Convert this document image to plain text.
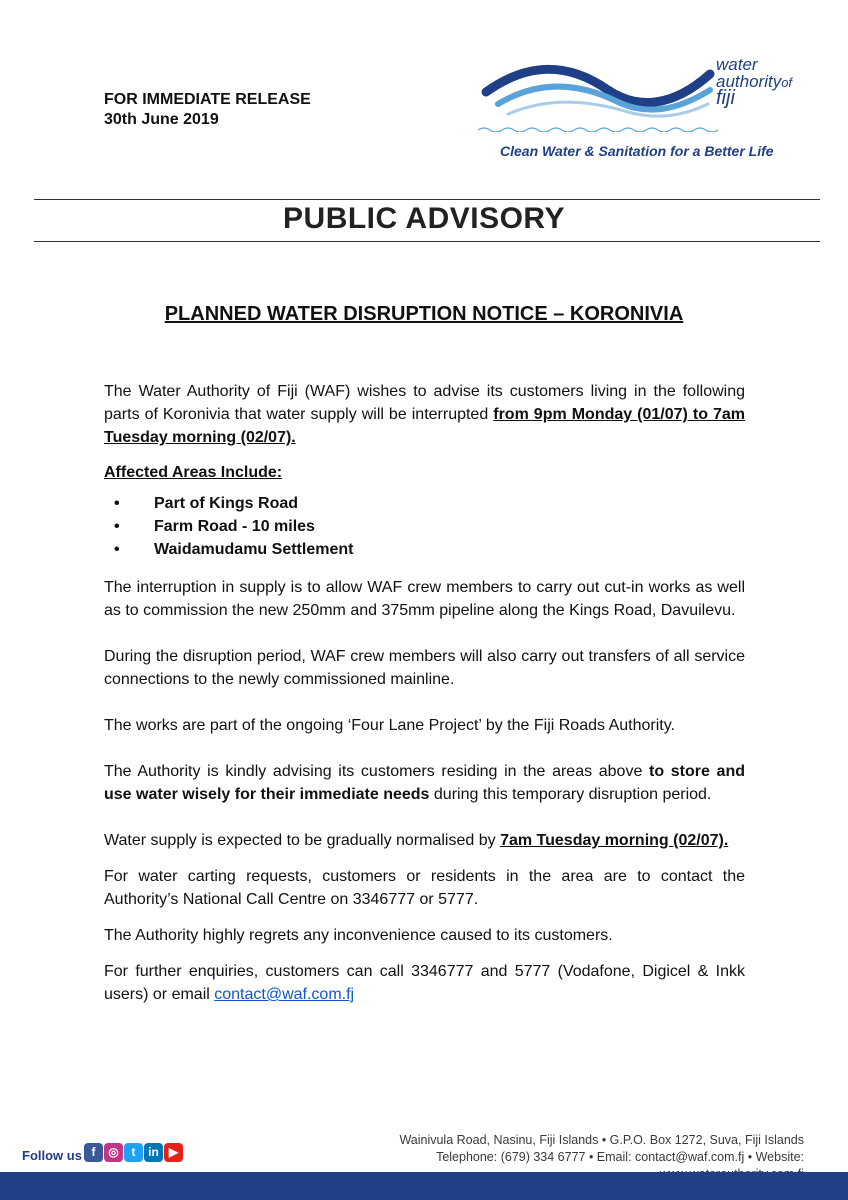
FOR IMMEDIATE RELEASE
30th June 2019
water
authorityof
fiji
Clean Water & Sanitation for a Better Life
PUBLIC ADVISORY
PLANNED WATER DISRUPTION NOTICE – KORONIVIA

The Water Authority of Fiji (WAF) wishes to advise its customers living in the following parts of Koronivia that water supply will be interrupted from 9pm Monday (01/07) to 7am Tuesday morning (02/07).

Affected Areas Include:
• Part of Kings Road
• Farm Road - 10 miles
• Waidamudamu Settlement

The interruption in supply is to allow WAF crew members to carry out cut-in works as well as to commission the new 250mm and 375mm pipeline along the Kings Road, Davuilevu.

During the disruption period, WAF crew members will also carry out transfers of all service connections to the newly commissioned mainline.

The works are part of the ongoing ‘Four Lane Project’ by the Fiji Roads Authority.

The Authority is kindly advising its customers residing in the areas above to store and use water wisely for their immediate needs during this temporary disruption period.

Water supply is expected to be gradually normalised by 7am Tuesday morning (02/07).

For water carting requests, customers or residents in the area are to contact the Authority’s National Call Centre on 3346777 or 5777.

The Authority highly regrets any inconvenience caused to its customers.

For further enquiries, customers can call 3346777 and 5777 (Vodafone, Digicel & Inkk users) or email contact@waf.com.fj

Wainivula Road, Nasinu, Fiji Islands • G.P.O. Box 1272, Suva, Fiji Islands
Telephone: (679) 334 6777 • Email: contact@waf.com.fj • Website:
Follow us f	◎	t	in ▶
